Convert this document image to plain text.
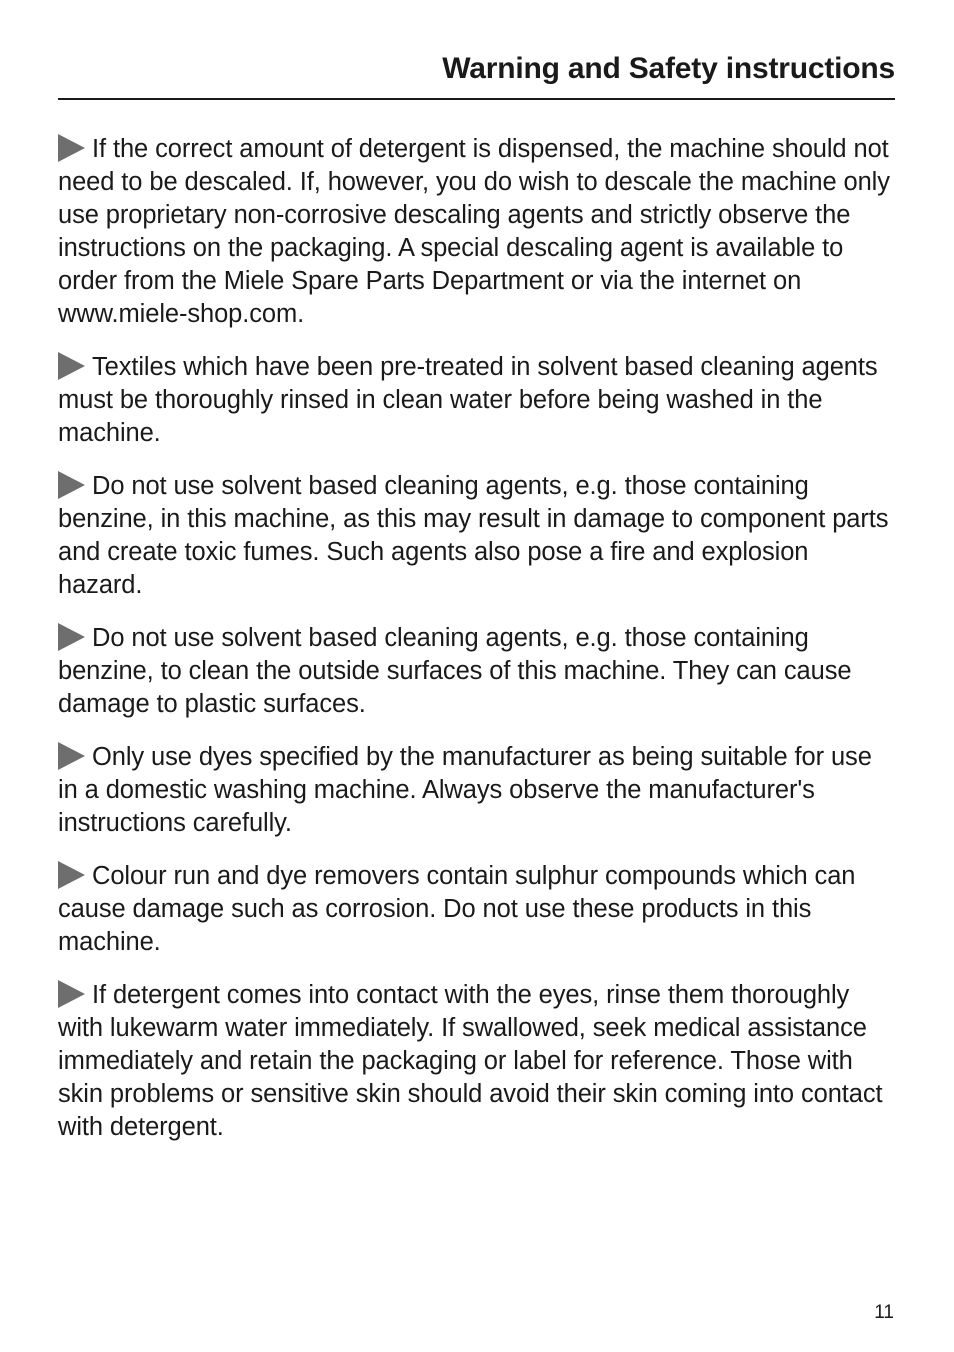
Warning and Safety instructions

If the correct amount of detergent is dispensed, the machine should not need to be descaled. If, however, you do wish to descale the machine only use proprietary non-corrosive descaling agents and strictly observe the instructions on the packaging. A special descaling agent is available to order from the Miele Spare Parts Department or via the internet on www.miele-shop.com.

Textiles which have been pre-treated in solvent based cleaning agents must be thoroughly rinsed in clean water before being washed in the machine.

Do not use solvent based cleaning agents, e.g. those containing benzine, in this machine, as this may result in damage to component parts and create toxic fumes. Such agents also pose a fire and explosion hazard.

Do not use solvent based cleaning agents, e.g. those containing benzine, to clean the outside surfaces of this machine. They can cause damage to plastic surfaces.

Only use dyes specified by the manufacturer as being suitable for use in a domestic washing machine. Always observe the manufacturer's instructions carefully.

Colour run and dye removers contain sulphur compounds which can cause damage such as corrosion. Do not use these products in this machine.

If detergent comes into contact with the eyes, rinse them thoroughly with lukewarm water immediately. If swallowed, seek medical assistance immediately and retain the packaging or label for reference. Those with skin problems or sensitive skin should avoid their skin coming into contact with detergent.

11
